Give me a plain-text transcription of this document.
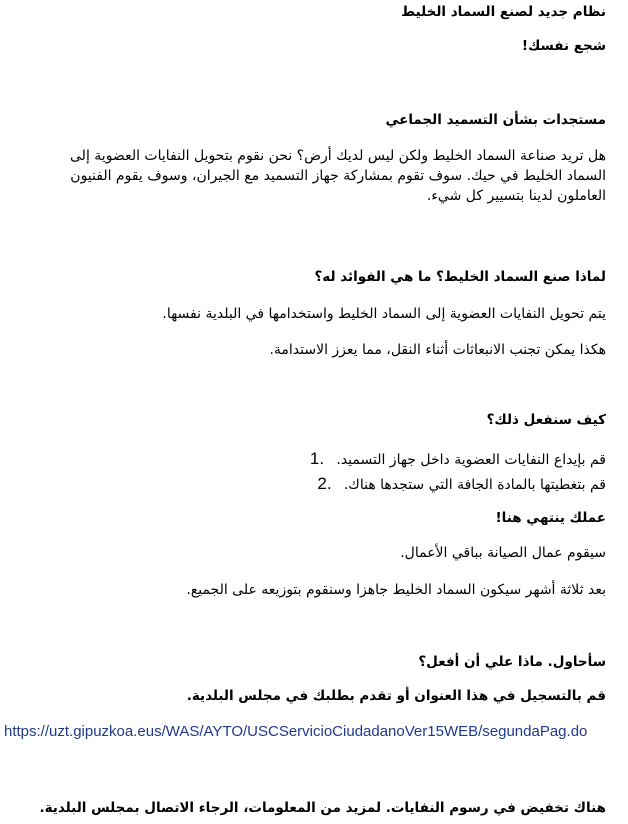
نظام جديد لصنع السماد الخليط
شجع نفسك!
مستجدات بشأن التسميد الجماعي
هل تريد صناعة السماد الخليط ولكن ليس لديك أرض؟ نحن نقوم بتحويل النفايات العضوية إلى
السماد الخليط في حيك. سوف تقوم بمشاركة جهاز التسميد مع الجيران، وسوف يقوم الفنيون
العاملون لدينا بتسيير كل شيء.
لماذا صنع السماد الخليط؟ ما هي الفوائد له؟
يتم تحويل النفايات العضوية إلى السماد الخليط واستخدامها في البلدية نفسها.
هكذا يمكن تجنب الانبعاثات أثناء النقل، مما يعزز الاستدامة.
كيف سنفعل ذلك؟
قم بإيداع النفايات العضوية داخل جهاز التسميد. 1.
قم بتغطيتها بالمادة الجافة التي ستجدها هناك. 2.
عملك ينتهي هنا!
سيقوم عمال الصيانة بباقي الأعمال.
بعد ثلاثة أشهر سيكون السماد الخليط جاهزا وسنقوم بتوزيعه على الجميع.
سأحاول. ماذا علي أن أفعل؟
قم بالتسجيل في هذا العنوان أو تقدم بطلبك في مجلس البلدية.
https://uzt.gipuzkoa.eus/WAS/AYTO/USCServicioCiudadanoVer15WEB/segundaPag.do
هناك تخفيض في رسوم النفايات. لمزيد من المعلومات، الرجاء الاتصال بمجلس البلدية.
